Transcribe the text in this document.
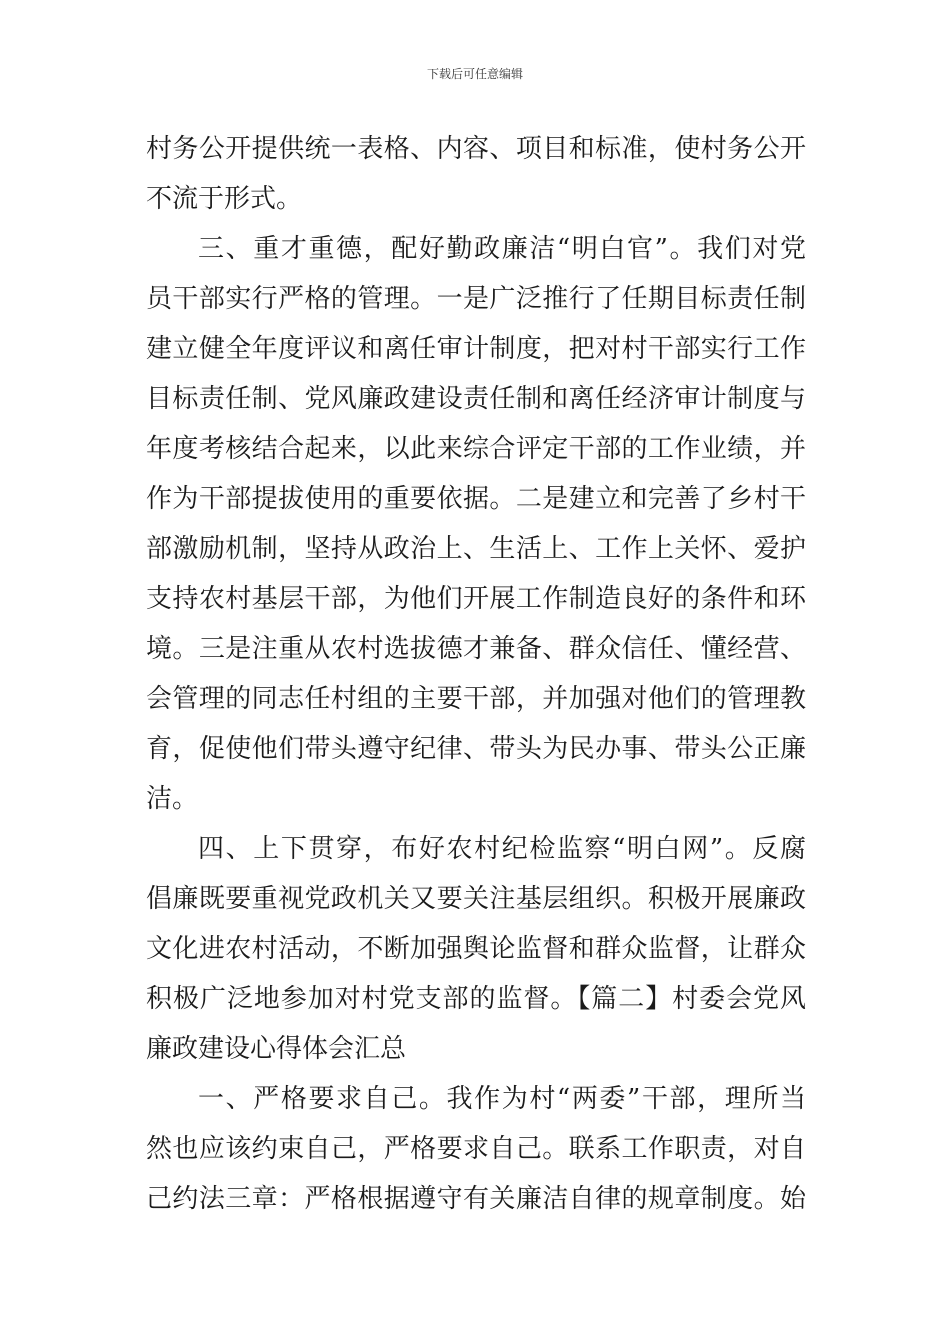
下载后可任意编辑
村务公开提供统一表格、内容、项目和标准，使村务公开
不流于形式。
三、重才重德，配好勤政廉洁“明白官”。我们对党
员干部实行严格的管理。一是广泛推行了任期目标责任制
建立健全年度评议和离任审计制度，把对村干部实行工作
目标责任制、党风廉政建设责任制和离任经济审计制度与
年度考核结合起来，以此来综合评定干部的工作业绩，并
作为干部提拔使用的重要依据。二是建立和完善了乡村干
部激励机制，坚持从政治上、生活上、工作上关怀、爱护
支持农村基层干部，为他们开展工作制造良好的条件和环
境。三是注重从农村选拔德才兼备、群众信任、懂经营、
会管理的同志任村组的主要干部，并加强对他们的管理教
育，促使他们带头遵守纪律、带头为民办事、带头公正廉
洁。
四、上下贯穿，布好农村纪检监察“明白网”。反腐
倡廉既要重视党政机关又要关注基层组织。积极开展廉政
文化进农村活动，不断加强舆论监督和群众监督，让群众
积极广泛地参加对村党支部的监督。【篇二】村委会党风
廉政建设心得体会汇总
一、严格要求自己。我作为村“两委”干部，理所当
然也应该约束自己，严格要求自己。联系工作职责，对自
己约法三章：严格根据遵守有关廉洁自律的规章制度。始
